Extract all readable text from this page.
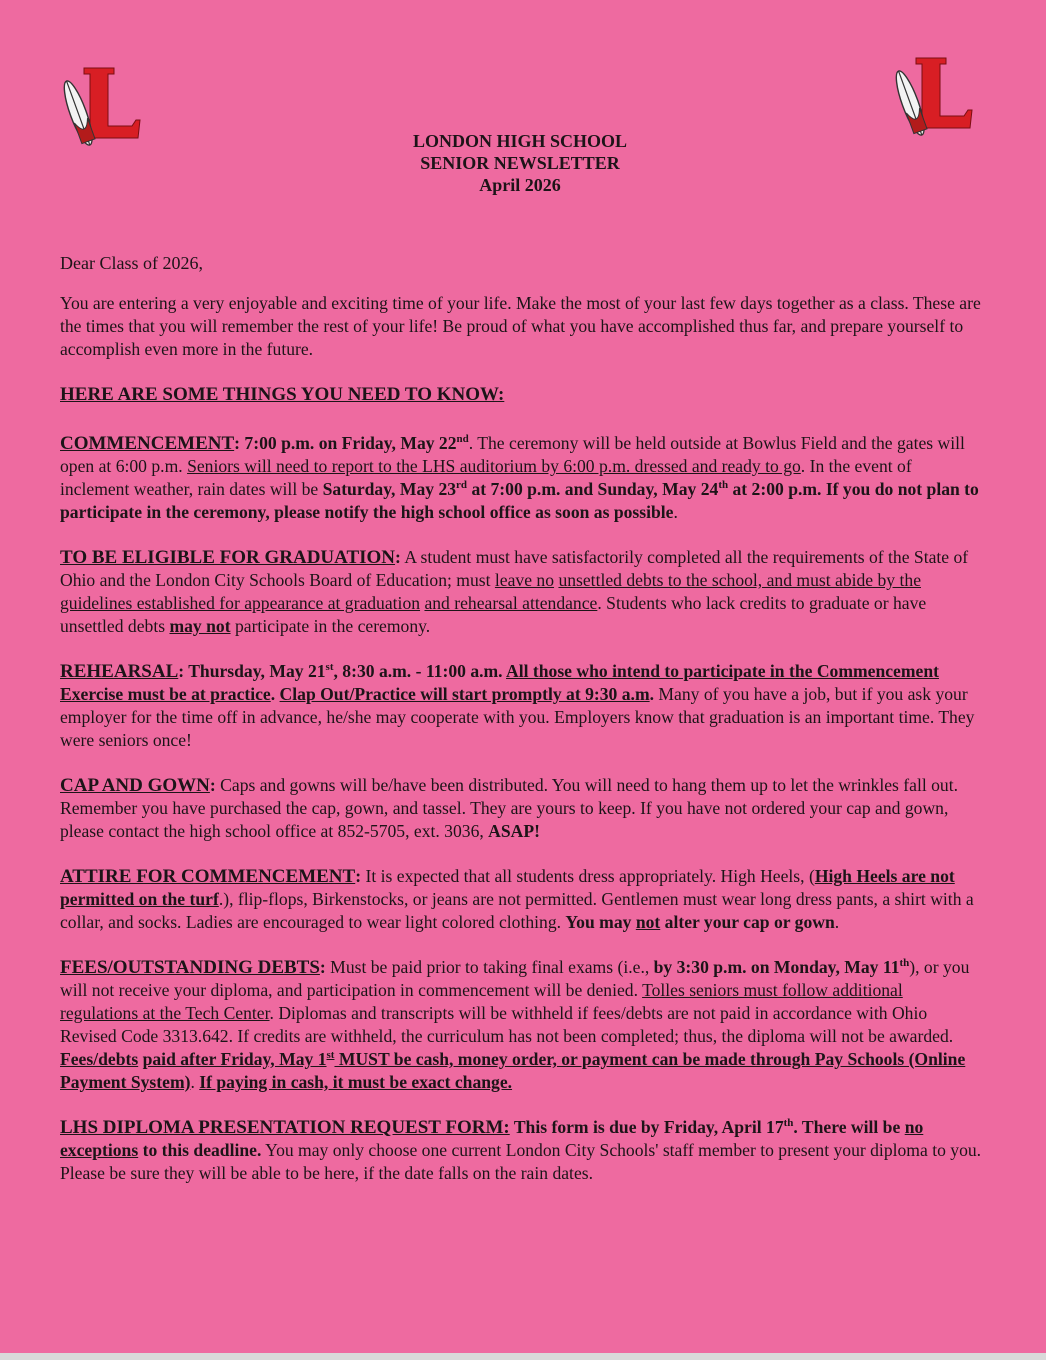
LONDON HIGH SCHOOL
SENIOR NEWSLETTER
April 2026
Dear Class of 2026,

You are entering a very enjoyable and exciting time of your life. Make the most of your last few days together as a class. These are the times that you will remember the rest of your life! Be proud of what you have accomplished thus far, and prepare yourself to accomplish even more in the future.

HERE ARE SOME THINGS YOU NEED TO KNOW:

COMMENCEMENT: 7:00 p.m. on Friday, May 22nd. The ceremony will be held outside at Bowlus Field and the gates will open at 6:00 p.m. Seniors will need to report to the LHS auditorium by 6:00 p.m. dressed and ready to go. In the event of inclement weather, rain dates will be Saturday, May 23rd at 7:00 p.m. and Sunday, May 24th at 2:00 p.m. If you do not plan to participate in the ceremony, please notify the high school office as soon as possible.

TO BE ELIGIBLE FOR GRADUATION: A student must have satisfactorily completed all the requirements of the State of Ohio and the London City Schools Board of Education; must leave no unsettled debts to the school, and must abide by the guidelines established for appearance at graduation and rehearsal attendance. Students who lack credits to graduate or have unsettled debts may not participate in the ceremony.

REHEARSAL: Thursday, May 21st, 8:30 a.m. - 11:00 a.m. All those who intend to participate in the Commencement Exercise must be at practice. Clap Out/Practice will start promptly at 9:30 a.m. Many of you have a job, but if you ask your employer for the time off in advance, he/she may cooperate with you. Employers know that graduation is an important time. They were seniors once!

CAP AND GOWN: Caps and gowns will be/have been distributed. You will need to hang them up to let the wrinkles fall out. Remember you have purchased the cap, gown, and tassel. They are yours to keep. If you have not ordered your cap and gown, please contact the high school office at 852-5705, ext. 3036, ASAP!

ATTIRE FOR COMMENCEMENT: It is expected that all students dress appropriately. High Heels, (High Heels are not permitted on the turf.), flip-flops, Birkenstocks, or jeans are not permitted. Gentlemen must wear long dress pants, a shirt with a collar, and socks. Ladies are encouraged to wear light colored clothing. You may not alter your cap or gown.

FEES/OUTSTANDING DEBTS: Must be paid prior to taking final exams (i.e., by 3:30 p.m. on Monday, May 11th), or you will not receive your diploma, and participation in commencement will be denied. Tolles seniors must follow additional regulations at the Tech Center. Diplomas and transcripts will be withheld if fees/debts are not paid in accordance with Ohio Revised Code 3313.642. If credits are withheld, the curriculum has not been completed; thus, the diploma will not be awarded. Fees/debts paid after Friday, May 1st MUST be cash, money order, or payment can be made through Pay Schools (Online Payment System). If paying in cash, it must be exact change.

LHS DIPLOMA PRESENTATION REQUEST FORM: This form is due by Friday, April 17th. There will be no exceptions to this deadline. You may only choose one current London City Schools' staff member to present your diploma to you. Please be sure they will be able to be here, if the date falls on the rain dates.
